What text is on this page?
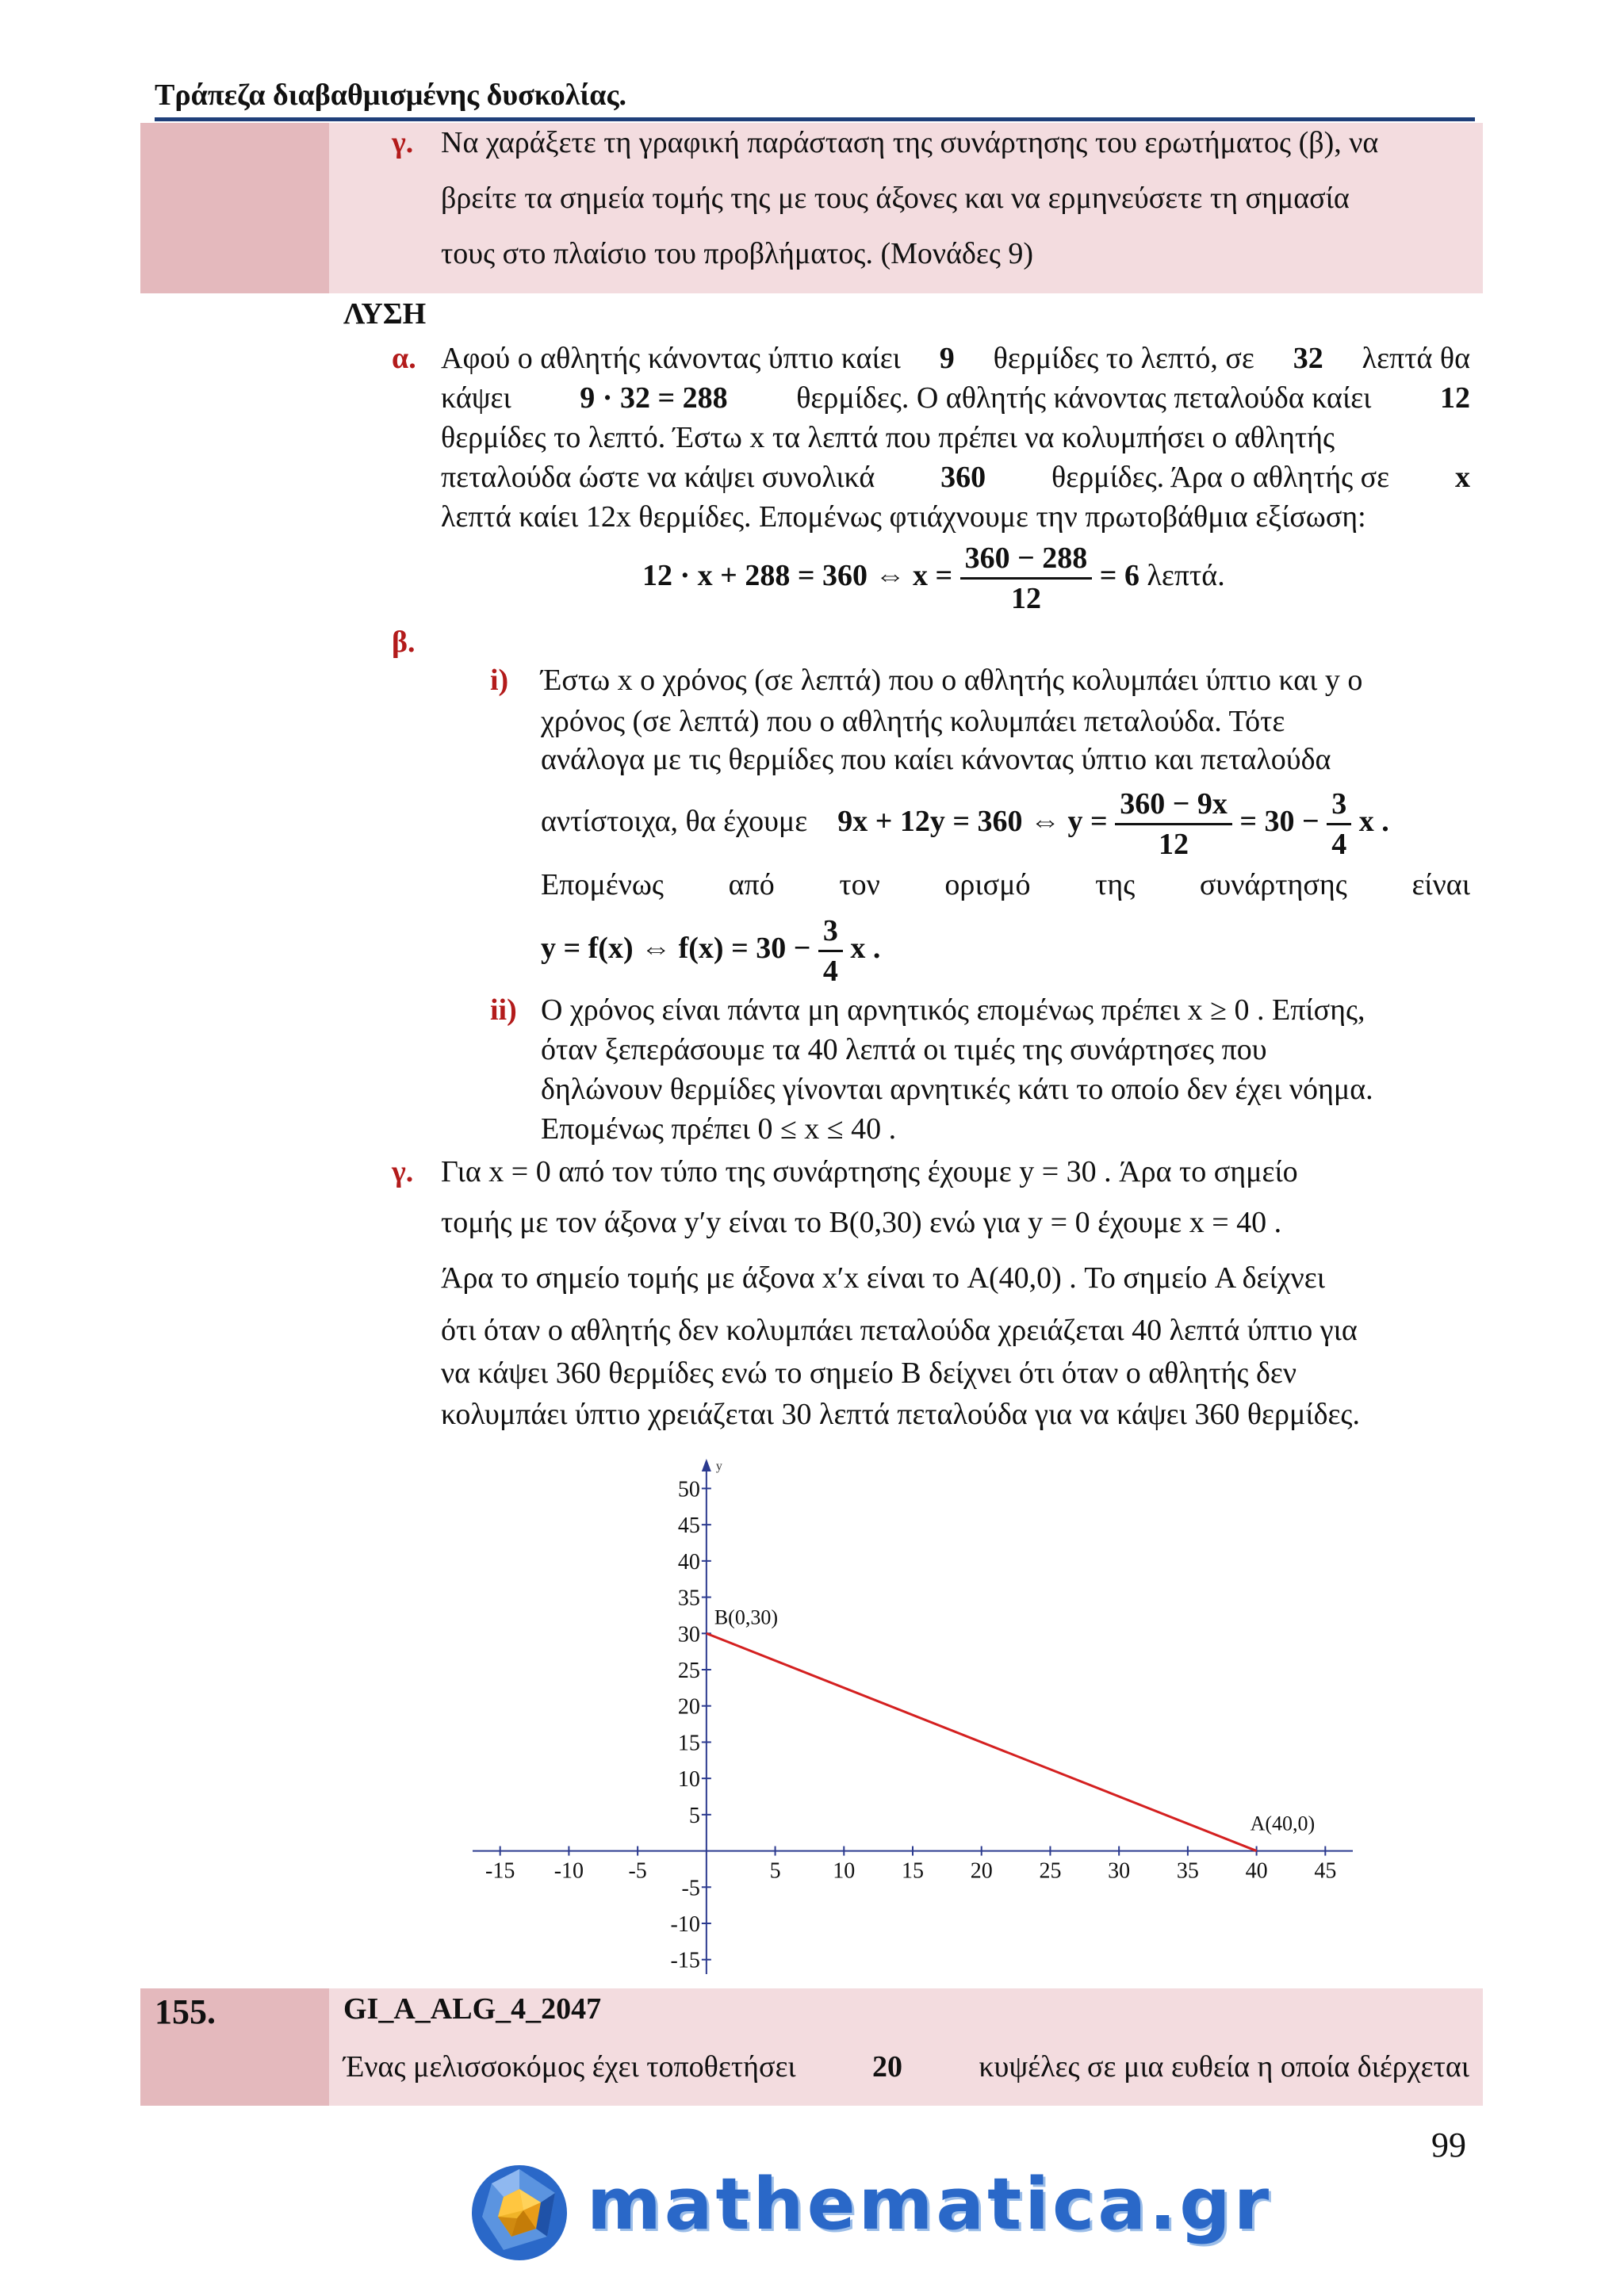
Τράπεζα διαβαθμισμένης δυσκολίας.
γ. Να χαράξετε τη γραφική παράσταση της συνάρτησης του ερωτήματος (β), να
βρείτε τα σημεία τομής της με τους άξονες και να ερμηνεύσετε τη σημασία
τους στο πλαίσιο του προβλήματος. (Μονάδες 9)
ΛΥΣΗ
α. Αφού ο αθλητής κάνοντας ύπτιο καίει 9 θερμίδες το λεπτό, σε 32 λεπτά θα
κάψει 9 · 32 = 288 θερμίδες. Ο αθλητής κάνοντας πεταλούδα καίει 12
θερμίδες το λεπτό. Έστω x τα λεπτά που πρέπει να κολυμπήσει ο αθλητής
πεταλούδα ώστε να κάψει συνολικά 360 θερμίδες. Άρα ο αθλητής σε x
λεπτά καίει 12x θερμίδες. Επομένως φτιάχνουμε την πρωτοβάθμια εξίσωση:
12 · x + 288 = 360 ⇔ $x = \frac{360 - 288}{12} = 6$ λεπτά.
β.
i) Έστω x ο χρόνος (σε λεπτά) που ο αθλητής κολυμπάει ύπτιο και y ο
χρόνος (σε λεπτά) που ο αθλητής κολυμπάει πεταλούδα. Τότε
ανάλογα με τις θερμίδες που καίει κάνοντας ύπτιο και πεταλούδα
αντίστοιχα, θα έχουμε 9x + 12y = 360 ⇔ $y = \frac{360 - 9x}{12} = 30 - \frac{3}{4}$ x .
Επομένως από τον ορισμό της συνάρτησης είναι
y = f(x) ⇔ $f(x) = 30 - \frac{3}{4}$ x .
ii) Ο χρόνος είναι πάντα μη αρνητικός επομένως πρέπει x ≥ 0 . Επίσης,
όταν ξεπεράσουμε τα 40 λεπτά οι τιμές της συνάρτησες που
δηλώνουν θερμίδες γίνονται αρνητικές κάτι το οποίο δεν έχει νόημα.
Επομένως πρέπει 0 ≤ x ≤ 40 .
γ. Για x = 0 από τον τύπο της συνάρτησης έχουμε y = 30 . Άρα το σημείο
τομής με τον άξονα y′y είναι το B(0,30) ενώ για y = 0 έχουμε x = 40 .
Άρα το σημείο τομής με άξονα x′x είναι το A(40,0) . Το σημείο A δείχνει
ότι όταν ο αθλητής δεν κολυμπάει πεταλούδα χρειάζεται 40 λεπτά ύπτιο για
να κάψει 360 θερμίδες ενώ το σημείο B δείχνει ότι όταν ο αθλητής δεν
κολυμπάει ύπτιο χρειάζεται 30 λεπτά πεταλούδα για να κάψει 360 θερμίδες.
y
-15 -10 -5	5 10 15 20 25 30 35 40 45
-15
-10
-5
5
10
15
20
25
30
35
40
45
50
B(0,30)
A(40,0)
155.	GI_A_ALG_4_2047
Ένας μελισσοκόμος έχει τοποθετήσει	20	κυψέλες σε μια ευθεία η οποία διέρχεται
99
mathematica.gr
